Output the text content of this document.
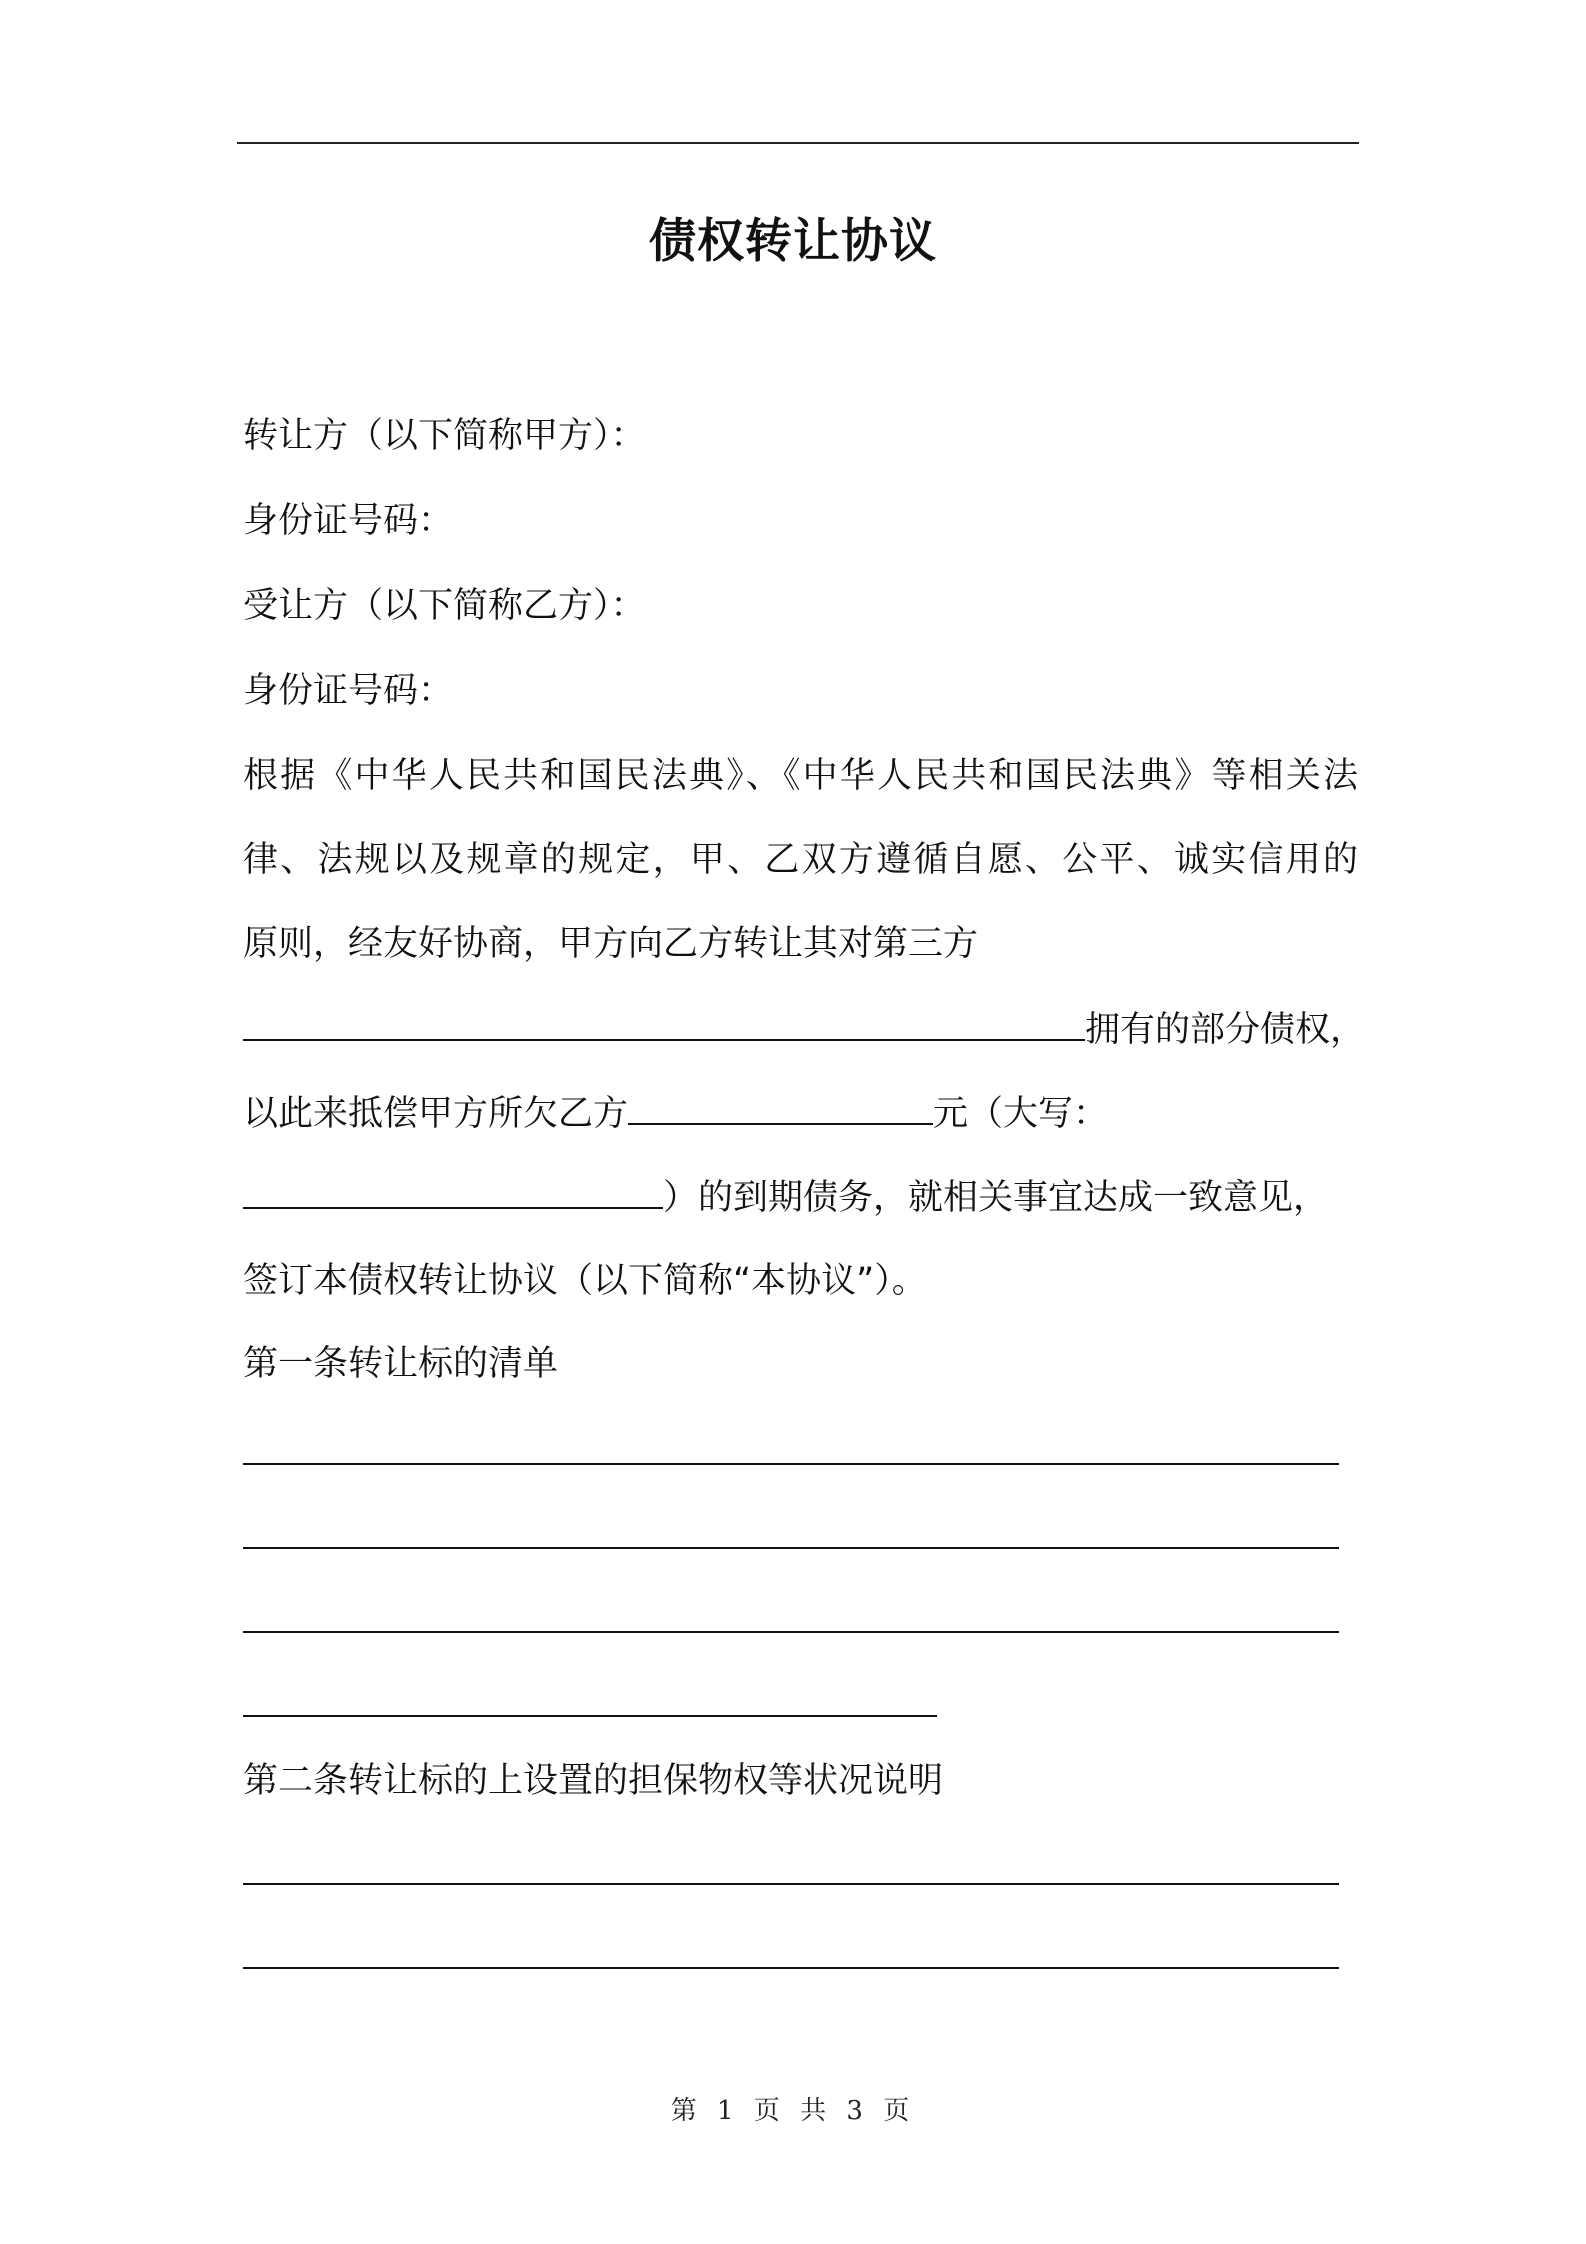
债权转让协议
转让方（以下简称甲方）：
身份证号码：
受让方（以下简称乙方）：
身份证号码：
根据《中华人民共和国民法典》、《中华人民共和国民法典》等相关法
律、法规以及规章的规定，甲、乙双方遵循自愿、公平、诚实信用的
原则，经友好协商，甲方向乙方转让其对第三方
拥有的部分债权，
以此来抵偿甲方所欠乙方	元（大写：
）的到期债务，就相关事宜达成一致意见，
签订本债权转让协议（以下简称“本协议”）。
第一条转让标的清单
第二条转让标的上设置的担保物权等状况说明
第 1 页 共 3 页
